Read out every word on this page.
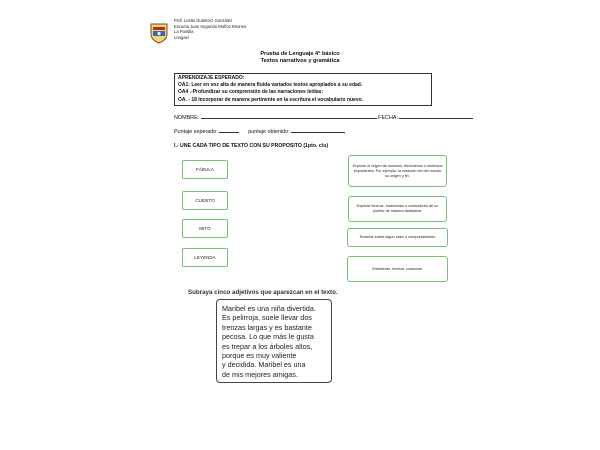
Prof. Leslie Gutiérrez González
Escuela Juan Segundo Muñoz Briones
La Puntilla
Longaví
Prueba de Lenguaje 4° básico
Textos narrativos y gramática
APRENDIZAJE ESPERADO:
OA1: Leer en voz alta de manera fluida variados textos apropiados a su edad.
OA4 .-Profundizar su comprensión de las narraciones leídas:
OA. - 18 Incorporar de manera pertinente en la escritura el vocabulario nuevo.
NOMBRE:	FECHA:
Puntaje esperado:	puntaje obtenido:
I.- UNE CADA TIPO DE TEXTO CON SU PROPOSITO (1pto. c/u)
FÁBULA
CUENTO
MITO
LEYENDA
Explicar el origen de sucesos, fenómenos o símbolos importantes. Por ejemplo: la creación del del mundo su origen y fin.
Explicar hechos, tradiciones o costumbres de un pueblo de manera fantástica.
Enseñar sobre algún valor o comportamiento
Entretener, recrear, conmover
Subraya cinco adjetivos que aparezcan en el texto.
Maribel es una niña divertida.
Es pelirroja, suele llevar dos
trenzas largas y es bastante
pecosa. Lo que más le gusta
es trepar a los árboles altos,
porque es muy valiente
y decidida. Maribel es una
de mis mejores amigas.
